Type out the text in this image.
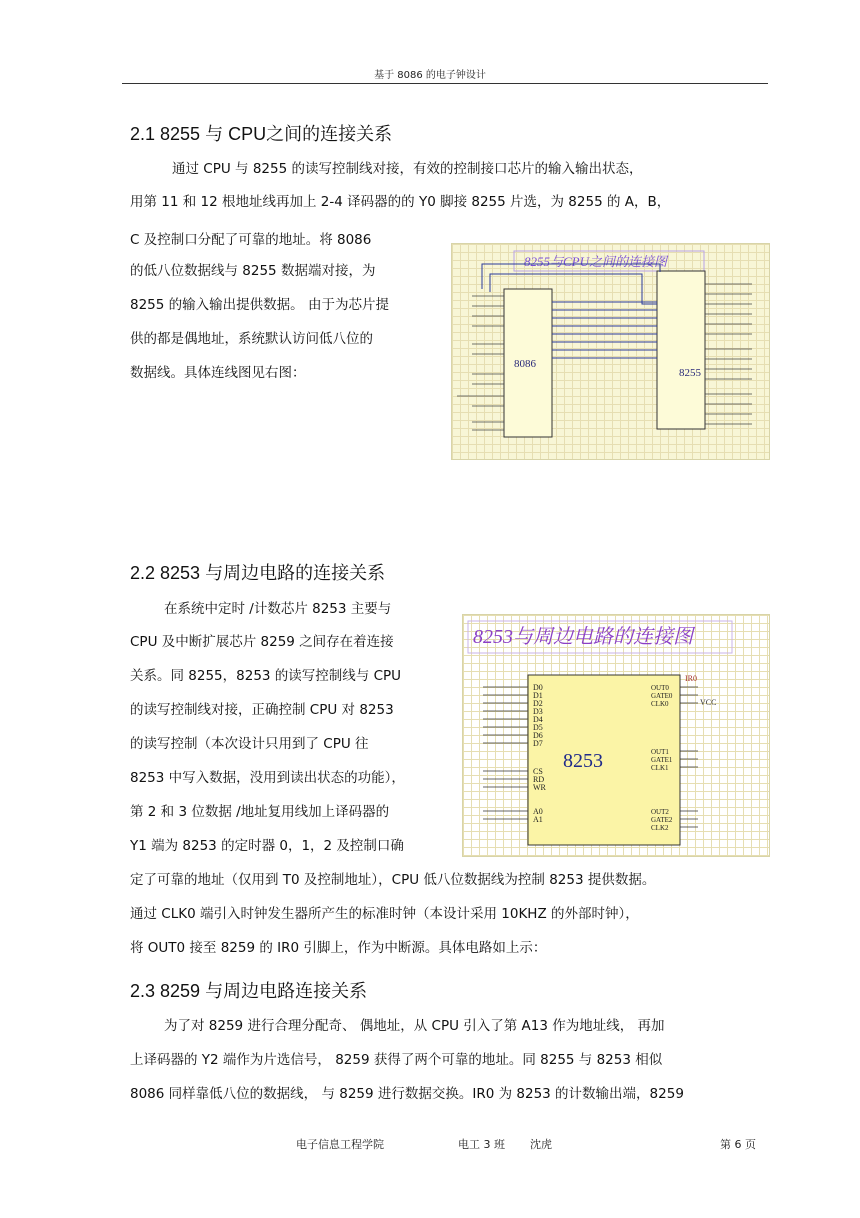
基于 8086 的电子钟设计
2.1 8255 与 CPU之间的连接关系
通过 CPU 与 8255 的读写控制线对接，有效的控制接口芯片的输入输出状态，
用第 11 和 12 根地址线再加上 2-4 译码器的的 Y0 脚接 8255 片选，为 8255 的 A，B，
C 及控制口分配了可靠的地址。将 8086
的低八位数据线与 8255 数据端对接，为
8255 的输入输出提供数据。 由于为芯片提
供的都是偶地址，系统默认访问低八位的
数据线。具体连线图见右图：
8255与CPU之间的连接图
8086
8255
2.2 8253 与周边电路的连接关系
在系统中定时 /计数芯片 8253 主要与
CPU 及中断扩展芯片 8259 之间存在着连接
关系。同 8255，8253 的读写控制线与 CPU
的读写控制线对接，正确控制 CPU 对 8253
的读写控制（本次设计只用到了 CPU 往
8253 中写入数据，没用到读出状态的功能），
第 2 和 3 位数据 /地址复用线加上译码器的
Y1 端为 8253 的定时器 0，1，2 及控制口确
定了可靠的地址（仅用到 T0 及控制地址），CPU 低八位数据线为控制 8253 提供数据。
通过 CLK0 端引入时钟发生器所产生的标准时钟（本设计采用 10KHZ 的外部时钟），
将 OUT0 接至 8259 的 IR0 引脚上，作为中断源。具体电路如上示：
8253与周边电路的连接图
8253
VCC
IR0
D0
D1
D2
D3
D4
D5
D6
D7
CS
RD
WR
A0
A1
OUT0
GATE0
CLK0
OUT1
GATE1
CLK1
OUT2
GATE2
CLK2
2.3 8259 与周边电路连接关系
为了对 8259 进行合理分配奇、 偶地址，从 CPU 引入了第 A13 作为地址线， 再加
上译码器的 Y2 端作为片选信号， 8259 获得了两个可靠的地址。同 8255 与 8253 相似
8086 同样靠低八位的数据线， 与 8259 进行数据交换。IR0 为 8253 的计数输出端，8259
电子信息工程学院	电工 3 班 沈虎	第 6 页
